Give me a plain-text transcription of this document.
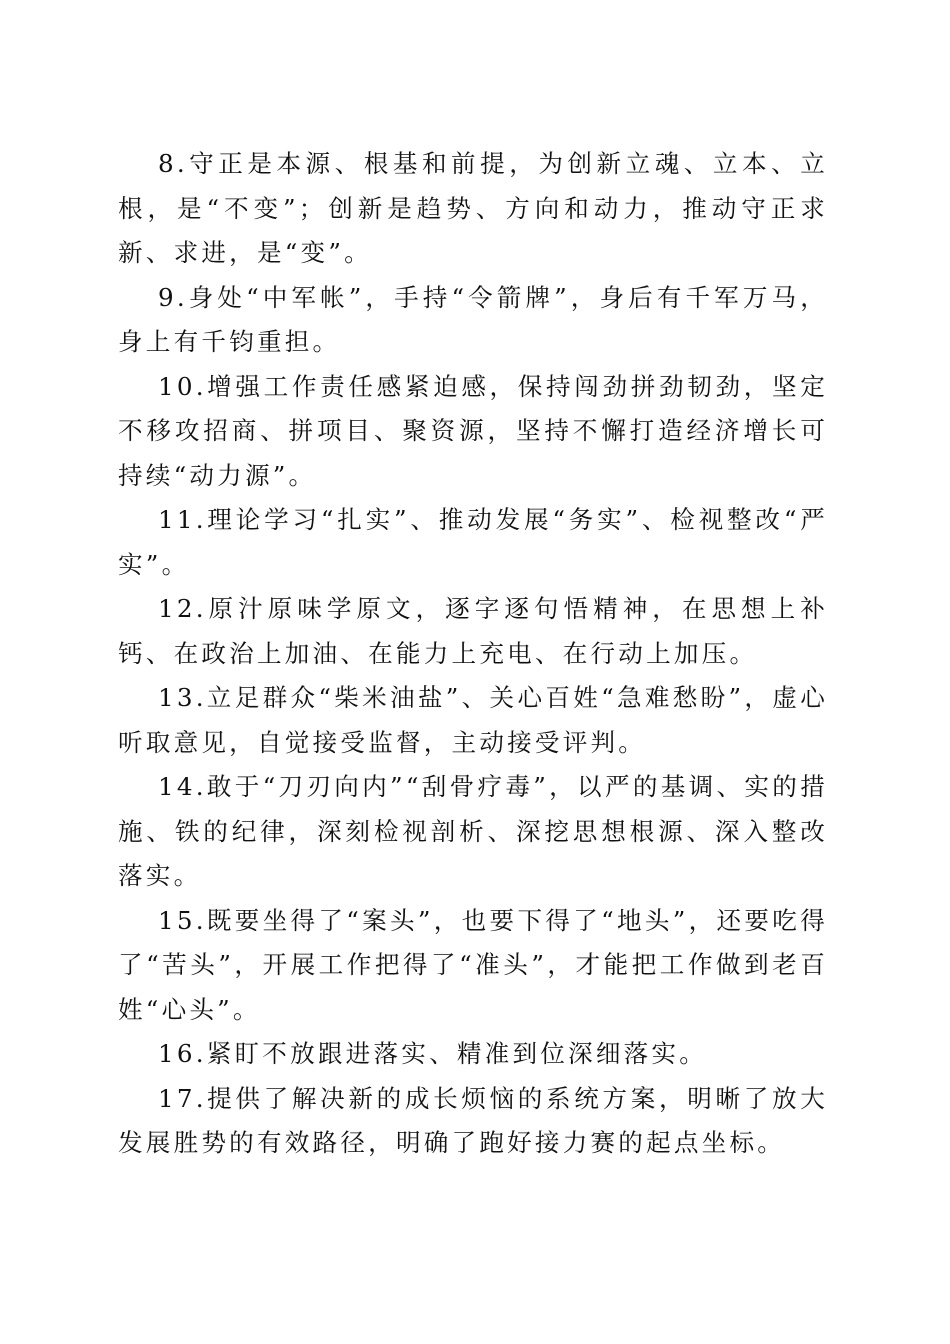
8.守正是本源、根基和前提，为创新立魂、立本、立根，是“不变”；创新是趋势、方向和动力，推动守正求新、求进，是“变”。

9.身处“中军帐”，手持“令箭牌”，身后有千军万马，身上有千钧重担。

10.增强工作责任感紧迫感，保持闯劲拼劲韧劲，坚定不移攻招商、拼项目、聚资源，坚持不懈打造经济增长可持续“动力源”。

11.理论学习“扎实”、推动发展“务实”、检视整改“严实”。

12.原汁原味学原文，逐字逐句悟精神，在思想上补钙、在政治上加油、在能力上充电、在行动上加压。

13.立足群众“柴米油盐”、关心百姓“急难愁盼”，虚心听取意见，自觉接受监督，主动接受评判。

14.敢于“刀刃向内”“刮骨疗毒”，以严的基调、实的措施、铁的纪律，深刻检视剖析、深挖思想根源、深入整改落实。

15.既要坐得了“案头”，也要下得了“地头”，还要吃得了“苦头”，开展工作把得了“准头”，才能把工作做到老百姓“心头”。

16.紧盯不放跟进落实、精准到位深细落实。

17.提供了解决新的成长烦恼的系统方案，明晰了放大发展胜势的有效路径，明确了跑好接力赛的起点坐标。
